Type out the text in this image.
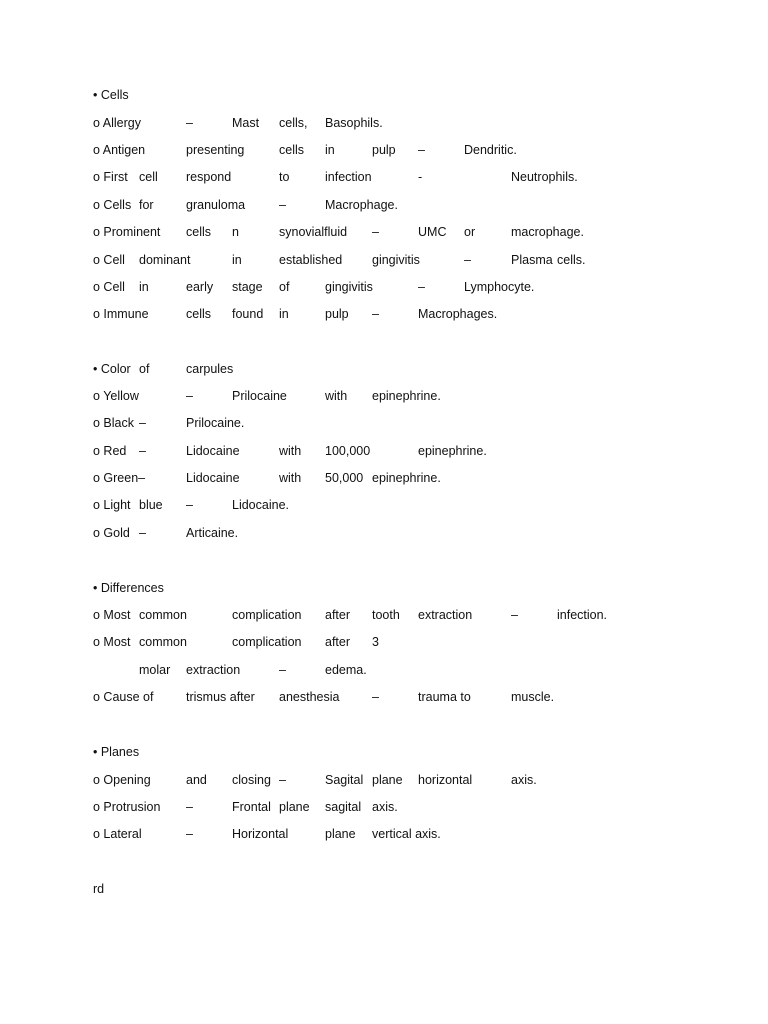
• Cells
o Allergy	–	Mast cells, Basophils.
o Antigen	presenting	cells in	pulp –	Dendritic.
o First cell respond	to	infection	-	Neutrophils.
o Cells for	granuloma	–	Macrophage.
o Prominent cells n	synovialfluid –	UMC or	macrophage.
o Cell dominant	in	established gingivitis	–	Plasma cells.
o Cell in	early stage of	gingivitis	–	Lymphocyte.
o Immune	cells found in	pulp –	Macrophages.
• Color of	carpules
o Yellow	–	Prilocaine	with epinephrine.
o Black –	Prilocaine.
o Red –	Lidocaine	with 100,000	epinephrine.
o Green–	Lidocaine	with 50,000 epinephrine.
o Light blue –	Lidocaine.
o Gold –	Articaine.
• Differences
o Most common	complication after tooth extraction	–	infection.
o Most common	complication after 3
molar extraction	–	edema.
o Cause of	trismus after anesthesia	–	trauma to	muscle.
• Planes
o Opening	and closing –	Sagital plane horizontal	axis.
o Protrusion –	Frontal plane sagital axis.
o Lateral	–	Horizontal	plane vertical axis.
rd
